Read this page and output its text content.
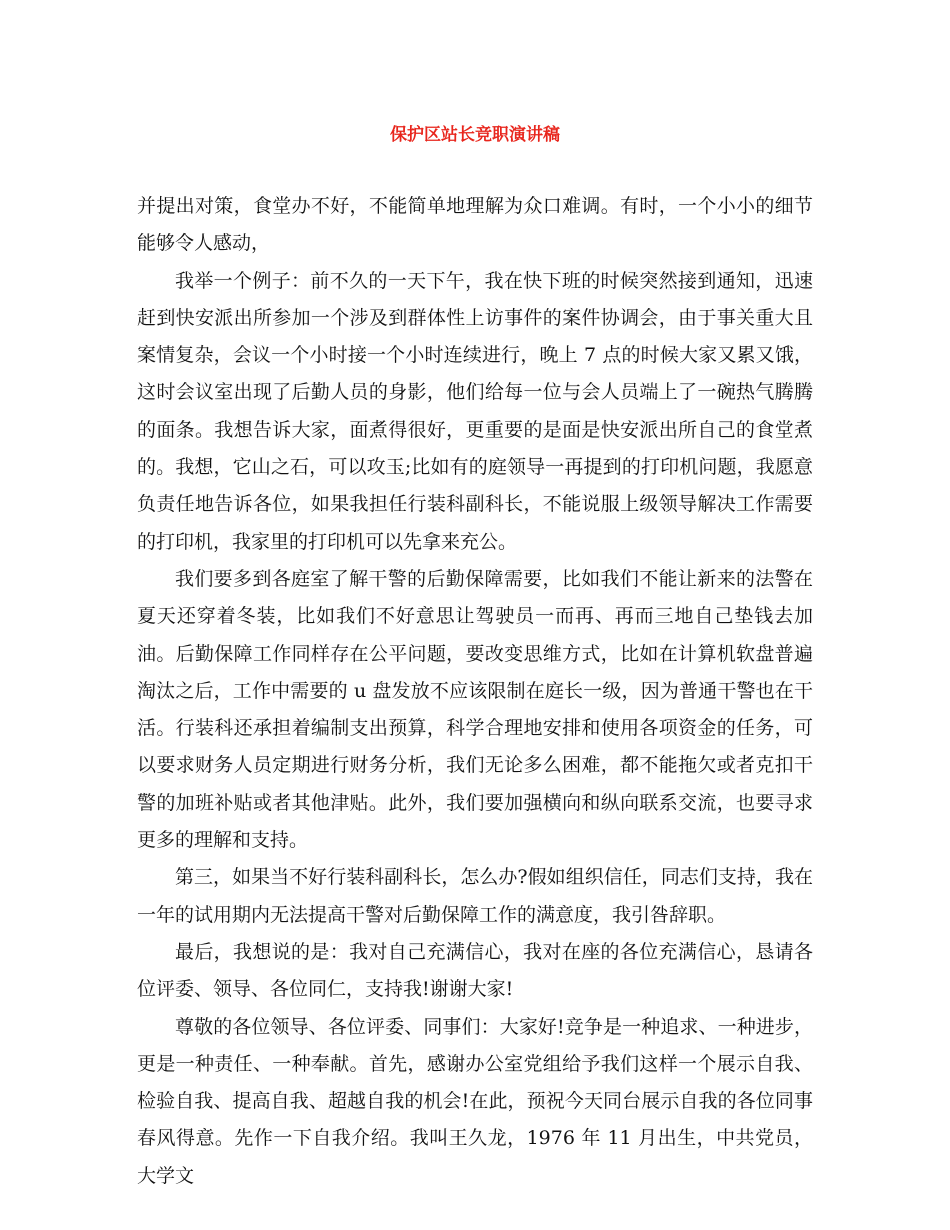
保护区站长竞职演讲稿

并提出对策，食堂办不好，不能简单地理解为众口难调。有时，一个小小的细节能够令人感动，

我举一个例子：前不久的一天下午，我在快下班的时候突然接到通知，迅速赶到快安派出所参加一个涉及到群体性上访事件的案件协调会，由于事关重大且案情复杂，会议一个小时接一个小时连续进行，晚上 7 点的时候大家又累又饿，这时会议室出现了后勤人员的身影，他们给每一位与会人员端上了一碗热气腾腾的面条。我想告诉大家，面煮得很好，更重要的是面是快安派出所自己的食堂煮的。我想，它山之石，可以攻玉;比如有的庭领导一再提到的打印机问题，我愿意负责任地告诉各位，如果我担任行装科副科长，不能说服上级领导解决工作需要的打印机，我家里的打印机可以先拿来充公。

我们要多到各庭室了解干警的后勤保障需要，比如我们不能让新来的法警在夏天还穿着冬装，比如我们不好意思让驾驶员一而再、再而三地自己垫钱去加油。后勤保障工作同样存在公平问题，要改变思维方式，比如在计算机软盘普遍淘汰之后，工作中需要的 u 盘发放不应该限制在庭长一级，因为普通干警也在干活。行装科还承担着编制支出预算，科学合理地安排和使用各项资金的任务，可以要求财务人员定期进行财务分析，我们无论多么困难，都不能拖欠或者克扣干警的加班补贴或者其他津贴。此外，我们要加强横向和纵向联系交流，也要寻求更多的理解和支持。

第三，如果当不好行装科副科长，怎么办?假如组织信任，同志们支持，我在一年的试用期内无法提高干警对后勤保障工作的满意度，我引咎辞职。

最后，我想说的是：我对自己充满信心，我对在座的各位充满信心，恳请各位评委、领导、各位同仁，支持我!谢谢大家!

尊敬的各位领导、各位评委、同事们：大家好!竞争是一种追求、一种进步，更是一种责任、一种奉献。首先，感谢办公室党组给予我们这样一个展示自我、检验自我、提高自我、超越自我的机会!在此，预祝今天同台展示自我的各位同事春风得意。先作一下自我介绍。我叫王久龙，1976 年 11 月出生，中共党员，大学文
